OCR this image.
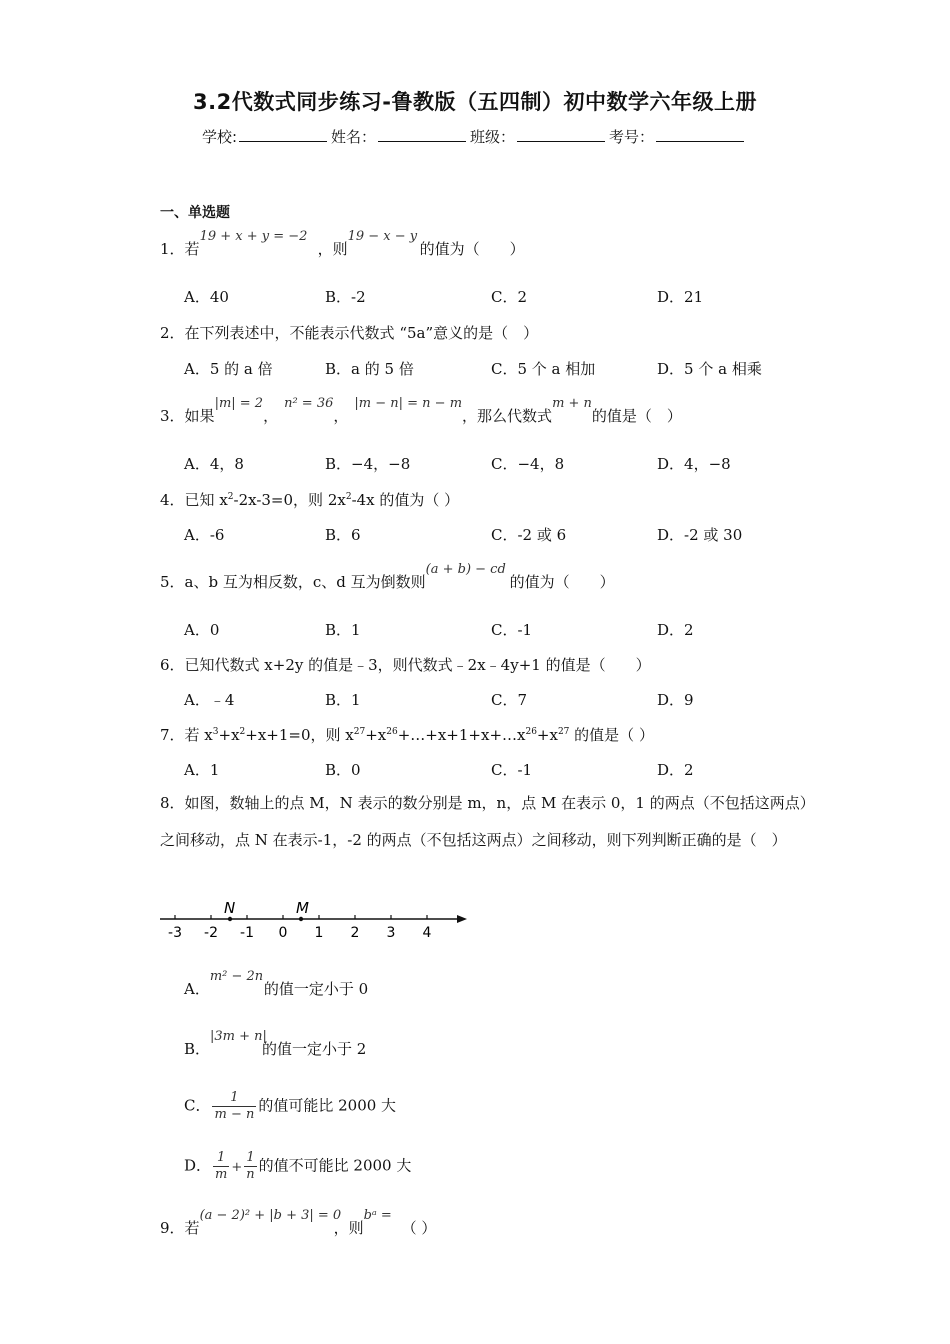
3.2代数式同步练习-鲁教版（五四制）初中数学六年级上册
学校:	姓名：	班级：	考号：
一、单选题
1．若19 + x + y = −2，则19 − x − y的值为（　　）
A．40	B．-2	C．2	D．21
2．在下列表述中，不能表示代数式 “5a”意义的是（　）
A．5 的 a 倍	B．a 的 5 倍	C．5 个 a 相加	D．5 个 a 相乘
3．如果|m| = 2，n² = 36，|m − n| = n − m，那么代数式m + n的值是（　）
A．4，8	B．−4，−8	C．−4，8	D．4，−8
4．已知 $x^2-2x-3=0$，则 $2x^2-4x$ 的值为（ ）
A．-6	B．6	C．-2 或 6	D．-2 或 30
5．a、b 互为相反数，c、d 互为倒数则(a + b) − cd的值为（　　）
A．0	B．1	C．-1	D．2
6．已知代数式 x+2y 的值是﹣3，则代数式﹣2x﹣4y+1 的值是（　　）
A．﹣4	B．1	C．7	D．9
7．若 $x^3+x^2+x+1=0$，则 $x^{27}+x^{26}+\dots+x+1+x+\dots x^{26}+x^{27}$ 的值是（ ）
A．1	B．0	C．-1	D．2
8．如图，数轴上的点 M，N 表示的数分别是 m，n，点 M 在表示 0，1 的两点（不包括这两点）之间移动，点 N 在表示-1，-2 的两点（不包括这两点）之间移动，则下列判断正确的是（　）
-3 -2 -1 0 1 2 3 4
N	M
A．m² − 2n的值一定小于 0
B．|3m + n|的值一定小于 2
C． $\frac{1}{m - n}$ 的值可能比 2000 大
D． $\frac{1}{m} + \frac{1}{n}$ 的值不可能比 2000 大
9．若(a − 2)² + |b + 3| = 0，则bᵃ =（ ）
